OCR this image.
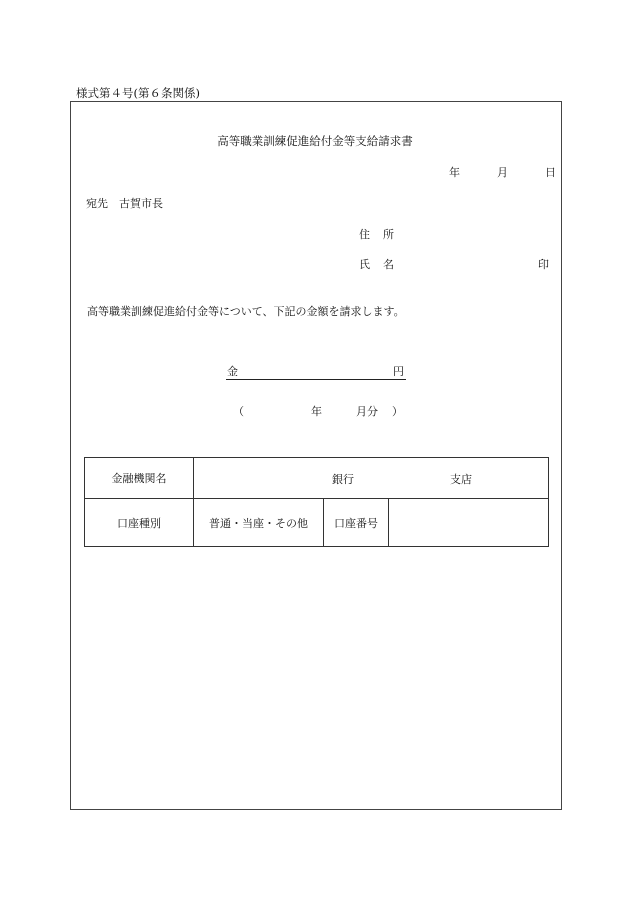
様式第４号(第６条関係)
高等職業訓練促進給付金等支給請求書
年	月	日
宛先　古賀市長
住 所
氏 名	印
高等職業訓練促進給付金等について、下記の金額を請求します。
金	円
（	年	月分 ）
金融機関名	銀行 支店		

口座種別	普通・当座・その他	口座番号	
